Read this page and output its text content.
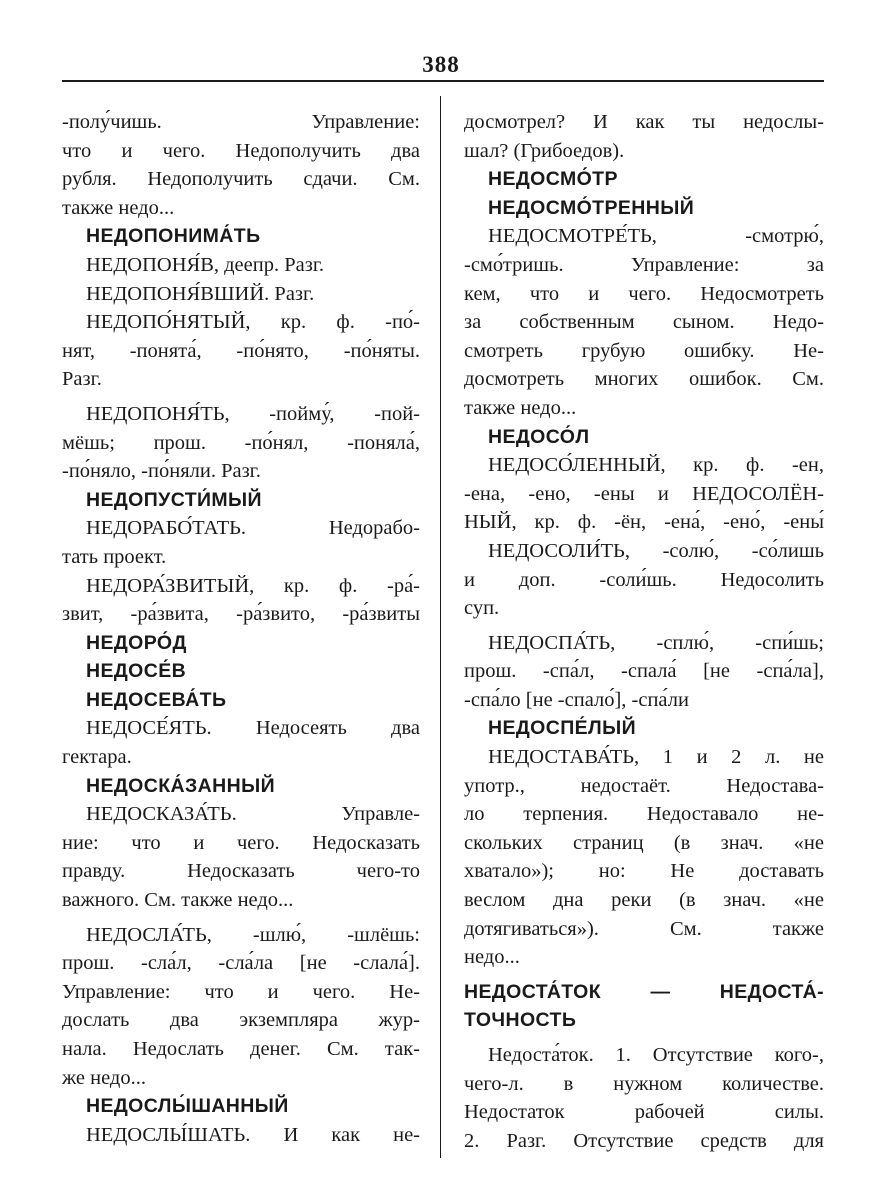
388
-полу́чишь. Управление:
что и чего. Недополучить два
рубля. Недополучить сдачи. См.
также недо...
НЕДОПОНИМА́ТЬ
НЕДОПОНЯ́В, деепр. Разг.
НЕДОПОНЯ́ВШИЙ. Разг.
НЕДОПО́НЯТЫЙ, кр. ф. -по́-
нят, -понята́, -по́нято, -по́няты.
Разг.
НЕДОПОНЯ́ТЬ, -пойму́, -пой-
мёшь; прош. -по́нял, -поняла́,
-по́няло, -по́няли. Разг.
НЕДОПУСТИ́МЫЙ
НЕДОРАБО́ТАТЬ. Недорабо-
тать проект.
НЕДОРА́ЗВИТЫЙ, кр. ф. -ра́-
звит, -ра́звита, -ра́звито, -ра́звиты
НЕДОРО́Д
НЕДОСЕ́В
НЕДОСЕВА́ТЬ
НЕДОСЕ́ЯТЬ. Недосеять два
гектара.
НЕДОСКА́ЗАННЫЙ
НЕДОСКАЗА́ТЬ. Управле-
ние: что и чего. Недосказать
правду. Недосказать чего-то
важного. См. также недо...
НЕДОСЛА́ТЬ, -шлю́, -шлёшь:
прош. -сла́л, -сла́ла [не -слала́].
Управление: что и чего. Не-
дослать два экземпляра жур-
нала. Недослать денег. См. так-
же недо...
НЕДОСЛЫ́ШАННЫЙ
НЕДОСЛЫ́ШАТЬ. И как не-
досмотрел? И как ты недослы-
шал? (Грибоедов).
НЕДОСМО́ТР
НЕДОСМО́ТРЕННЫЙ
НЕДОСМОТРЕ́ТЬ, -смотрю́,
-смо́тришь. Управление: за
кем, что и чего. Недосмотреть
за собственным сыном. Недо-
смотреть грубую ошибку. Не-
досмотреть многих ошибок. См.
также недо...
НЕДОСО́Л
НЕДОСО́ЛЕННЫЙ, кр. ф. -ен,
-ена, -ено, -ены и НЕДОСОЛЁН-
НЫЙ, кр. ф. -ён, -ена́, -ено́, -ены́
НЕДОСОЛИ́ТЬ, -солю́, -со́лишь
и доп. -соли́шь. Недосолить
суп.
НЕДОСПА́ТЬ, -сплю́, -спи́шь;
прош. -спа́л, -спала́ [не -спа́ла],
-спа́ло [не -спало́], -спа́ли
НЕДОСПЕ́ЛЫЙ
НЕДОСТАВА́ТЬ, 1 и 2 л. не
употр., недостаёт. Недостава-
ло терпения. Недоставало не-
скольких страниц (в знач. «не
хватало»); но: Не доставать
веслом дна реки (в знач. «не
дотягиваться»). См. также
недо...
НЕДОСТА́ТОК — НЕДОСТА́-
ТОЧНОСТЬ
Недоста́ток. 1. Отсутствие кого-,
чего-л. в нужном количестве.
Недостаток рабочей силы.
2. Разг. Отсутствие средств для
